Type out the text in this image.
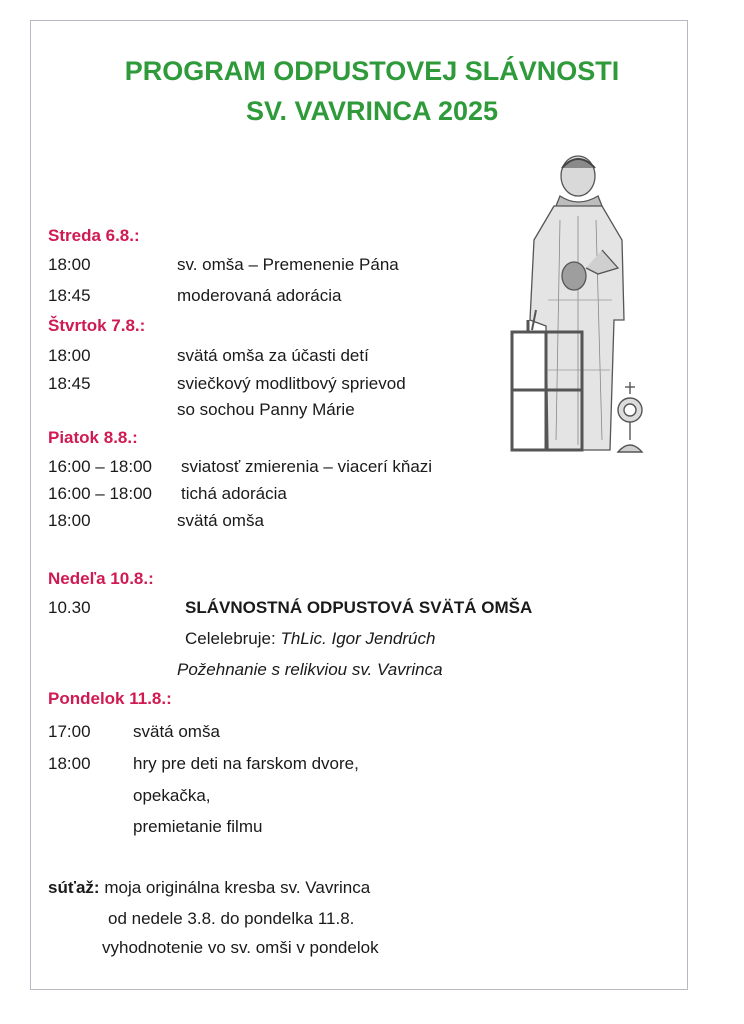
PROGRAM ODPUSTOVEJ SLÁVNOSTI
SV. VAVRINCA 2025
Streda 6.8.:
18:00	sv. omša – Premenenie Pána
18:45	moderovaná adorácia
Štvrtok 7.8.:
18:00	svätá omša za účasti detí
18:45	sviečkový modlitbový sprievod
so sochou Panny Márie
Piatok 8.8.:
16:00 – 18:00 sviatosť zmierenia – viacerí kňazi
16:00 – 18:00 tichá adorácia
18:00	svätá omša
Nedeľa 10.8.:
10.30	SLÁVNOSTNÁ ODPUSTOVÁ SVÄTÁ OMŠA
Celelebruje: ThLic. Igor Jendrúch
Požehnanie s relikviou sv. Vavrinca
Pondelok 11.8.:
17:00 svätá omša
18:00 hry pre deti na farskom dvore,
opekačka,
premietanie filmu
súťaž: moja originálna kresba sv. Vavrinca
od nedele 3.8. do pondelka 11.8.
vyhodnotenie vo sv. omši v pondelok
